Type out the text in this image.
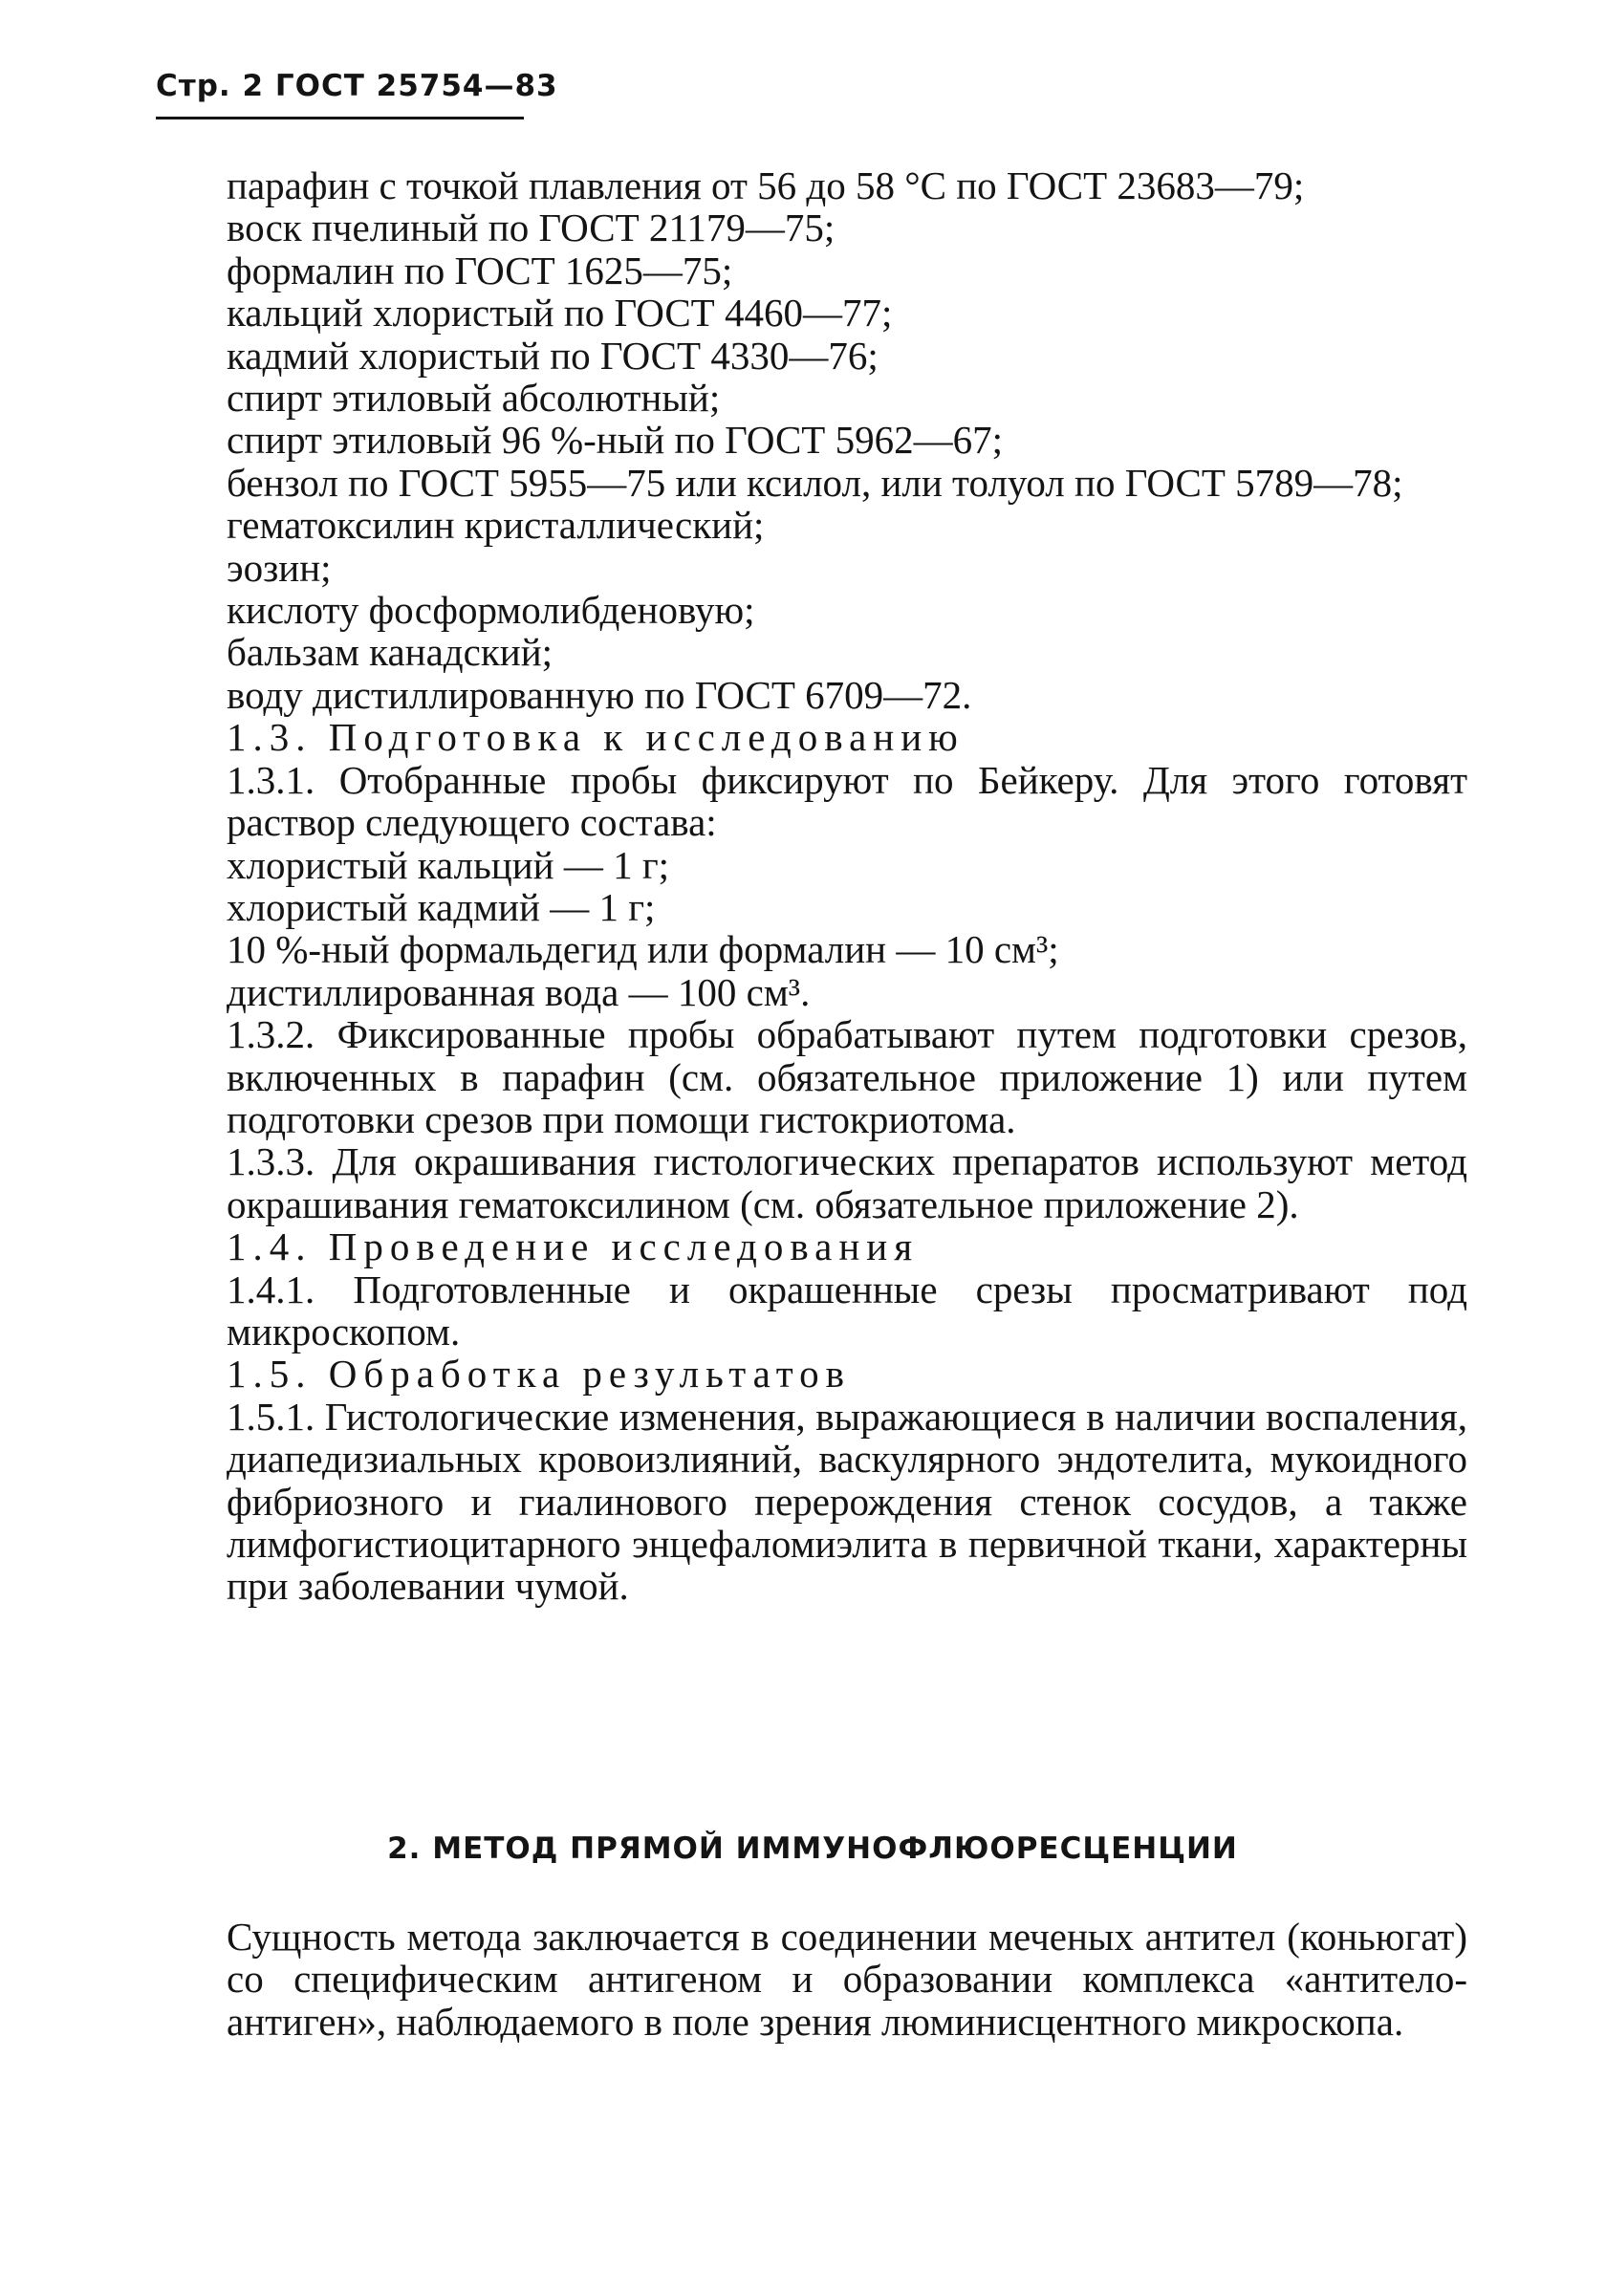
Стр. 2 ГОСТ 25754—83

парафин с точкой плавления от 56 до 58 °С по ГОСТ 23683—79;

воск пчелиный по ГОСТ 21179—75;

формалин по ГОСТ 1625—75;

кальций хлористый по ГОСТ 4460—77;

кадмий хлористый по ГОСТ 4330—76;

спирт этиловый абсолютный;

спирт этиловый 96 %-ный по ГОСТ 5962—67;

бензол по ГОСТ 5955—75 или ксилол, или толуол по ГОСТ 5789—78;

гематоксилин кристаллический;

эозин;

кислоту фосформолибденовую;

бальзам канадский;

воду дистиллированную по ГОСТ 6709—72.

1.3. Подготовка к исследованию

1.3.1. Отобранные пробы фиксируют по Бейкеру. Для этого готовят раствор следующего состава:

хлористый кальций — 1 г;

хлористый кадмий — 1 г;

10 %-ный формальдегид или формалин — 10 см³;

дистиллированная вода — 100 см³.

1.3.2. Фиксированные пробы обрабатывают путем подготовки срезов, включенных в парафин (см. обязательное приложение 1) или путем подготовки срезов при помощи гистокриотома.

1.3.3. Для окрашивания гистологических препаратов используют метод окрашивания гематоксилином (см. обязательное приложение 2).

1.4. Проведение исследования

1.4.1. Подготовленные и окрашенные срезы просматривают под микроскопом.

1.5. Обработка результатов

1.5.1. Гистологические изменения, выражающиеся в наличии воспаления, диапедизиальных кровоизлияний, васкулярного эндотелита, мукоидного фибриозного и гиалинового перерождения стенок сосудов, а также лимфогистиоцитарного энцефаломиэлита в первичной ткани, характерны при заболевании чумой.

2. МЕТОД ПРЯМОЙ ИММУНОФЛЮОРЕСЦЕНЦИИ

Сущность метода заключается в соединении меченых антител (коньюгат) со специфическим антигеном и образовании комплекса «антитело-антиген», наблюдаемого в поле зрения люминисцентного микроскопа.
